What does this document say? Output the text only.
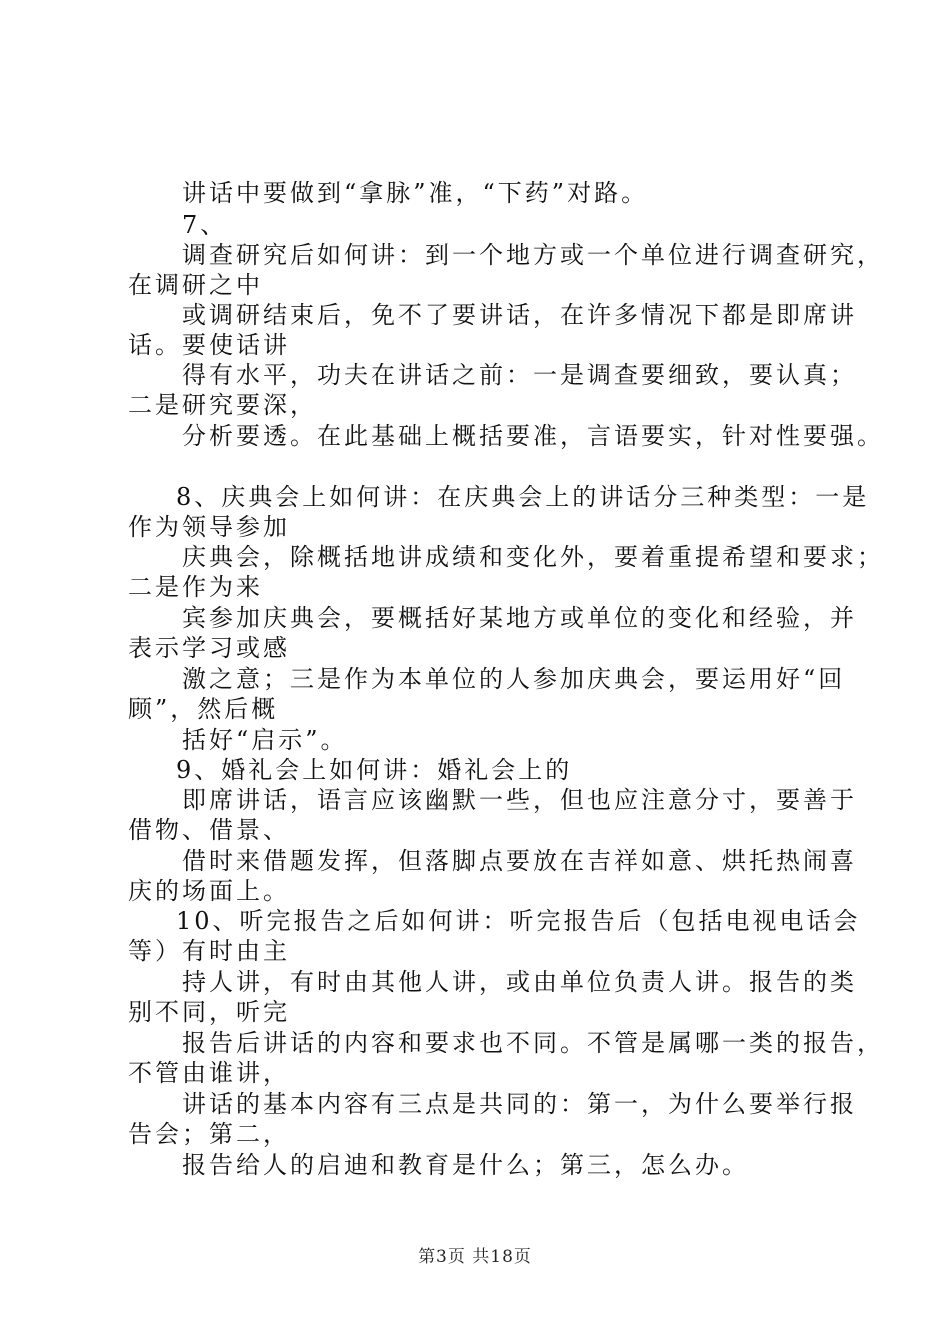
讲话中要做到“拿脉”准，“下药”对路。
7、
调查研究后如何讲：到一个地方或一个单位进行调查研究，
在调研之中
或调研结束后，免不了要讲话，在许多情况下都是即席讲
话。要使话讲
得有水平，功夫在讲话之前：一是调查要细致，要认真；
二是研究要深，
分析要透。在此基础上概括要准，言语要实，针对性要强。
8、庆典会上如何讲：在庆典会上的讲话分三种类型：一是
作为领导参加
庆典会，除概括地讲成绩和变化外，要着重提希望和要求；
二是作为来
宾参加庆典会，要概括好某地方或单位的变化和经验，并
表示学习或感
激之意；三是作为本单位的人参加庆典会，要运用好“回
顾”，然后概
括好“启示”。
9、婚礼会上如何讲：婚礼会上的
即席讲话，语言应该幽默一些，但也应注意分寸，要善于
借物、借景、
借时来借题发挥，但落脚点要放在吉祥如意、烘托热闹喜
庆的场面上。
10、听完报告之后如何讲：听完报告后（包括电视电话会
等）有时由主
持人讲，有时由其他人讲，或由单位负责人讲。报告的类
别不同，听完
报告后讲话的内容和要求也不同。不管是属哪一类的报告，
不管由谁讲，
讲话的基本内容有三点是共同的：第一，为什么要举行报
告会；第二，
报告给人的启迪和教育是什么；第三，怎么办。
第3页 共18页
